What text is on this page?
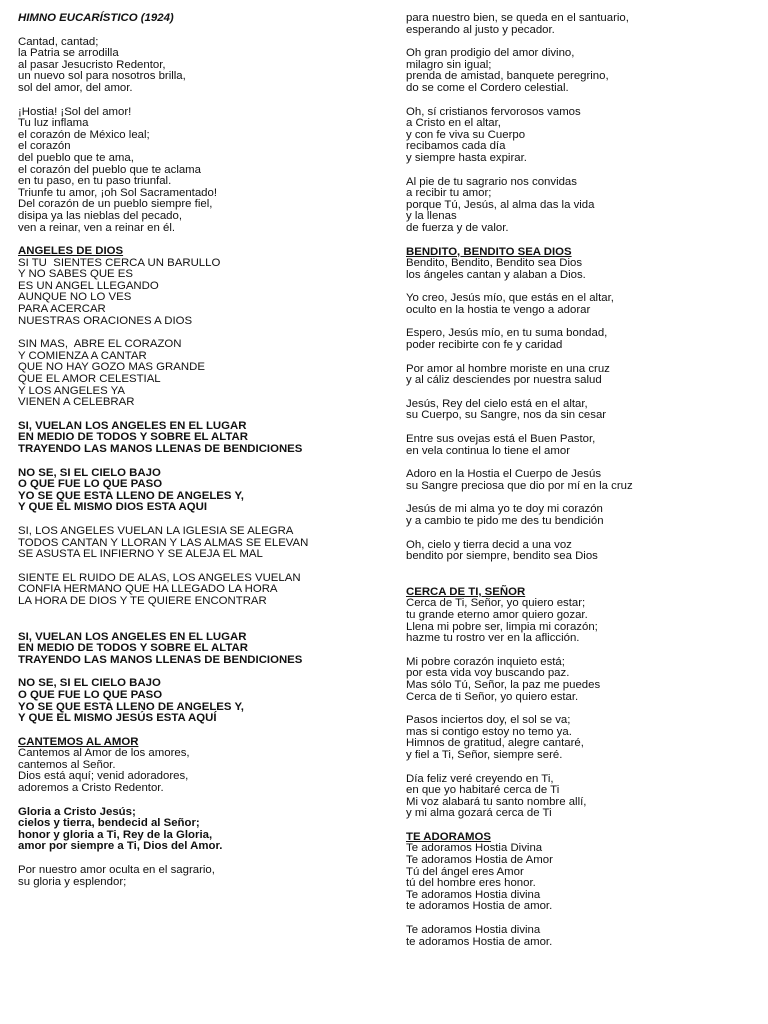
HIMNO EUCARÍSTICO (1924)
Cantad, cantad;
la Patria se arrodilla
al pasar Jesucristo Redentor,
un nuevo sol para nosotros brilla,
sol del amor, del amor.
¡Hostia! ¡Sol del amor!
Tu luz inflama
el corazón de México leal;
el corazón
del pueblo que te ama,
el corazón del pueblo que te aclama
en tu paso, en tu paso triunfal.
Triunfe tu amor, ¡oh Sol Sacramentado!
Del corazón de un pueblo siempre fiel,
disipa ya las nieblas del pecado,
ven a reinar, ven a reinar en él.
ANGELES DE DIOS
SI TU  SIENTES CERCA UN BARULLO
Y NO SABES QUE ES
ES UN ANGEL LLEGANDO
AUNQUE NO LO VES
PARA ACERCAR
NUESTRAS ORACIONES A DIOS
SIN MAS,  ABRE EL CORAZON
Y COMIENZA A CANTAR
QUE NO HAY GOZO MAS GRANDE
QUE EL AMOR CELESTIAL
Y LOS ANGELES YA
VIENEN A CELEBRAR
SI, VUELAN LOS ANGELES EN EL LUGAR
EN MEDIO DE TODOS Y SOBRE EL ALTAR
TRAYENDO LAS MANOS LLENAS DE BENDICIONES
NO SE, SI EL CIELO BAJO
O QUE FUE LO QUE PASO
YO SE QUE ESTA LLENO DE ANGELES Y,
Y QUE EL MISMO DIOS ESTA AQUI
SI, LOS ANGELES VUELAN LA IGLESIA SE ALEGRA
TODOS CANTAN Y LLORAN Y LAS ALMAS SE ELEVAN
SE ASUSTA EL INFIERNO Y SE ALEJA EL MAL
SIENTE EL RUIDO DE ALAS, LOS ANGELES VUELAN
CONFIA HERMANO QUE HA LLEGADO LA HORA
LA HORA DE DIOS Y TE QUIERE ENCONTRAR
SI, VUELAN LOS ANGELES EN EL LUGAR
EN MEDIO DE TODOS Y SOBRE EL ALTAR
TRAYENDO LAS MANOS LLENAS DE BENDICIONES
NO SE, SI EL CIELO BAJO
O QUE FUE LO QUE PASO
YO SE QUE ESTA LLENO DE ANGELES Y,
Y QUE EL MISMO JESÚS ESTA AQUÍ
CANTEMOS AL AMOR
Cantemos al Amor de los amores,
cantemos al Señor.
Dios está aquí; venid adoradores,
adoremos a Cristo Redentor.
Gloria a Cristo Jesús;
cielos y tierra, bendecid al Señor;
honor y gloria a Ti, Rey de la Gloria,
amor por siempre a Ti, Dios del Amor.
Por nuestro amor oculta en el sagrario,
su gloria y esplendor;
para nuestro bien, se queda en el santuario,
esperando al justo y pecador.
Oh gran prodigio del amor divino,
milagro sin igual;
prenda de amistad, banquete peregrino,
do se come el Cordero celestial.
Oh, sí cristianos fervorosos vamos
a Cristo en el altar,
y con fe viva su Cuerpo
recibamos cada día
y siempre hasta expirar.
Al pie de tu sagrario nos convidas
a recibir tu amor;
porque Tú, Jesús, al alma das la vida
y la llenas
de fuerza y de valor.
BENDITO, BENDITO SEA DIOS
Bendito, Bendito, Bendito sea Dios
los ángeles cantan y alaban a Dios.
Yo creo, Jesús mío, que estás en el altar,
oculto en la hostia te vengo a adorar
Espero, Jesús mío, en tu suma bondad,
poder recibirte con fe y caridad
Por amor al hombre moriste en una cruz
y al cáliz desciendes por nuestra salud
Jesús, Rey del cielo está en el altar,
su Cuerpo, su Sangre, nos da sin cesar
Entre sus ovejas está el Buen Pastor,
en vela continua lo tiene el amor
Adoro en la Hostia el Cuerpo de Jesús
su Sangre preciosa que dio por mí en la cruz
Jesús de mi alma yo te doy mi corazón
y a cambio te pido me des tu bendición
Oh, cielo y tierra decid a una voz
bendito por siempre, bendito sea Dios
CERCA DE TI, SEÑOR
Cerca de Ti, Señor, yo quiero estar;
tu grande eterno amor quiero gozar.
Llena mi pobre ser, limpia mi corazón;
hazme tu rostro ver en la aflicción.
Mi pobre corazón inquieto está;
por esta vida voy buscando paz.
Mas sólo Tú, Señor, la paz me puedes
Cerca de ti Señor, yo quiero estar.
Pasos inciertos doy, el sol se va;
mas si contigo estoy no temo ya.
Himnos de gratitud, alegre cantaré,
y fiel a Ti, Señor, siempre seré.
Día feliz veré creyendo en Ti,
en que yo habitaré cerca de Ti
Mi voz alabará tu santo nombre allí,
y mi alma gozará cerca de Ti
TE ADORAMOS
Te adoramos Hostia Divina
Te adoramos Hostia de Amor
Tú del ángel eres Amor
tú del hombre eres honor.
Te adoramos Hostia divina
te adoramos Hostia de amor.
Te adoramos Hostia divina
te adoramos Hostia de amor.
